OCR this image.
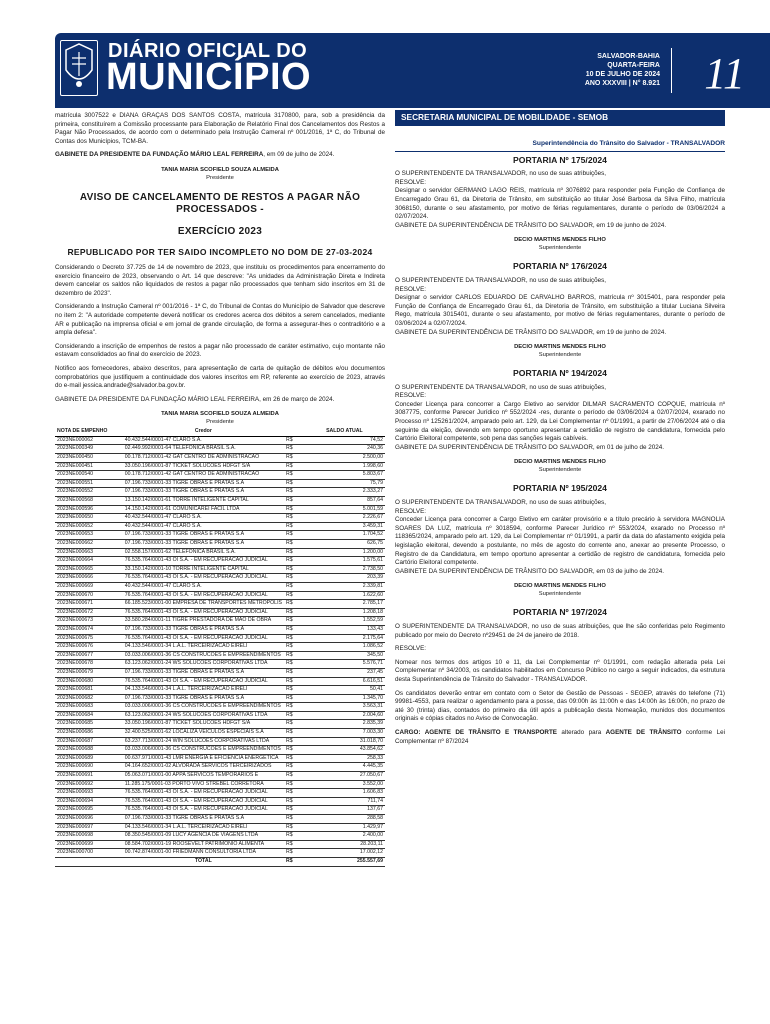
DIÁRIO OFICIAL DO
MUNICÍPIO	SALVADOR-BAHIA
QUARTA-FEIRA
10 DE JULHO DE 2024
ANO XXXVIII | N° 8.921 11
matrícula 3007522 e DIANA GRAÇAS DOS SANTOS COSTA, matrícula 3170800, para, sob a presidência da primeira, constituírem a Comissão processante para Elaboração de Relatório Final dos Cancelamentos dos Restos a Pagar Não Processados, de acordo com o determinado pela Instrução Cameral nº 001/2016, 1ª C, do Tribunal de Contas dos Municípios, TCM-BA.
GABINETE DA PRESIDENTE DA FUNDAÇÃO MÁRIO LEAL FERREIRA, em 09 de julho de 2024.
TANIA MARIA SCOFIELD SOUZA ALMEIDA
Presidente
AVISO DE CANCELAMENTO DE RESTOS A PAGAR NÃO PROCESSADOS -
EXERCÍCIO 2023
REPUBLICADO POR TER SAIDO INCOMPLETO NO DOM DE 27-03-2024
Considerando o Decreto 37.725 de 14 de novembro de 2023, que instituiu os procedimentos para encerramento do exercício financeiro de 2023, observando o Art. 14 que descreve: "As unidades da Administração Direta e Indireta devem cancelar os saldos não liquidados de restos a pagar não processados que tenham sido inscritos em 31 de dezembro de 2023".
Considerando a Instrução Cameral nº 001/2016 - 1ª C, do Tribunal de Contas do Município de Salvador que descreve no item 2: "A autoridade competente deverá notificar os credores acerca dos débitos a serem cancelados, mediante AR e publicação na imprensa oficial e em jornal de grande circulação, de forma a assegurar-lhes o contraditório e a ampla defesa".
Considerando a inscrição de empenhos de restos a pagar não processado de caráter estimativo, cujo montante não estavam consolidados ao final do exercício de 2023.
Notifico aos fornecedores, abaixo descritos, para apresentação de carta de quitação de débitos e/ou documentos comprobatórios que justifiquem a continuidade dos valores inscritos em RP, referente ao exercício de 2023, através do e-mail jessica.andrade@salvador.ba.gov.br.
GABINETE DA PRESIDENTE DA FUNDAÇÃO MÁRIO LEAL FERREIRA, em 26 de março de 2024.
TANIA MARIA SCOFIELD SOUZA ALMEIDA
Presidente
NOTA DE EMPENHO	Credor		SALDO ATUAL
2023NE000062	40.432.544/0001-47 CLARO S.A.	R$	74,52
2023NE000349	02.449.992/0001-64 TELEFONICA BRASIL S.A.	R$	240,36
2023NE000450	00.178.712/0001-42 GAT CENTRO DE ADMINISTRACAO	R$	2.500,00
2023NE000451	33.050.196/0001-87 TICKET SOLUCOES HDFGT S/A	R$	1.998,60
2023NE000540	00.178.712/0001-42 GAT CENTRO DE ADMINISTRACAO	R$	5.803,67
2023NE000551	07.196.733/0001-33 TIGRE OBRAS E PRATAS S.A	R$	75,79
2023NE000552	07.196.733/0001-33 TIGRE OBRAS E PRATAS S.A	R$	2.333,27
2023NE000568	13.150.142/0001-61 TORRE INTELIGENTE CAPITAL	R$	857,64
2023NE000596	14.150.142/0001-61 COMUNICAREI FACIL LTDA	R$	5.001,59
2023NE000650	40.432.544/0001-47 CLARO S.A.	R$	2.226,67
2023NE000652	40.432.544/0001-47 CLARO S.A.	R$	3.459,31
2023NE000653	07.196.733/0001-33 TIGRE OBRAS E PRATAS S.A	R$	1.704,52
2023NE000662	07.196.733/0001-33 TIGRE OBRAS E PRATAS S.A	R$	626,75
2023NE000663	02.558.157/0001-62 TELEFONICA BRASIL S.A.	R$	1.200,00
2023NE000664	76.535.764/0001-43 OI S.A. - EM RECUPERACAO JUDICIAL	R$	1.575,61
2023NE000665	33.150.142/0001-10 TORRE INTELIGENTE CAPITAL	R$	2.738,50
2023NE000666	76.535.764/0001-43 OI S.A. - EM RECUPERACAO JUDICIAL	R$	203,39
2023NE000669	40.432.544/0001-47 CLARO S.A.	R$	2.339,81
2023NE000670	76.535.764/0001-43 OI S.A. - EM RECUPERACAO JUDICIAL	R$	1.622,60
2023NE000671	66.185.523/0001-00 EMPRESA DE TRANSPORTES METROPOLIS	R$	2.785,17
2023NE000672	76.535.764/0001-43 OI S.A. - EM RECUPERACAO JUDICIAL	R$	1.208,18
2023NE000673	33.580.284/0001-11 TIGRE PRESTADORA DE MAO DE OBRA	R$	1.552,59
2023NE000674	07.196.733/0001-33 TIGRE OBRAS E PRATAS S.A	R$	133,43
2023NE000675	76.535.764/0001-43 OI S.A. - EM RECUPERACAO JUDICIAL	R$	2.175,64
2023NE000676	04.133.546/0001-34 L.A.L. TERCEIRIZACAO EIRELI	R$	1.086,52
2023NE000677	03.033.006/0001-36 CS CONSTRUCOES E EMPREENDIMENTOS	R$	345,50
2023NE000678	63.123.062/0001-24 WS SOLUCOES CORPORATIVAS LTDA	R$	5.576,71
2023NE000679	07.196.733/0001-33 TIGRE OBRAS E PRATAS S.A	R$	237,45
2023NE000680	76.535.764/0001-43 OI S.A. - EM RECUPERACAO JUDICIAL	R$	6.616,51
2023NE000681	04.133.546/0001-34 L.A.L. TERCEIRIZACAO EIRELI	R$	50,41
2023NE000682	07.196.733/0001-33 TIGRE OBRAS E PRATAS S.A	R$	1.345,70
2023NE000683	03.033.006/0001-36 CS CONSTRUCOES E EMPREENDIMENTOS	R$	3.563,31
2023NE000684	63.123.062/0001-24 WS SOLUCOES CORPORATIVAS LTDA	R$	2.004,60
2023NE000685	33.050.196/0001-87 TICKET SOLUCOES HDFGT S/A	R$	2.835,39
2023NE000686	32.400.525/0001-62 LOCALIZA VEICULOS ESPECIAIS S.A	R$	7.003,30
2023NE000687	63.237.713/0001-24 WIN SOLUCOES CORPORATIVAS LTDA	R$	31.018,70
2023NE000688	03.033.006/0001-36 CS CONSTRUCOES E EMPREENDIMENTOS	R$	43.854,62
2023NE000689	00.637.971/0001-43 LMR ENERGIA E EFICIENCIA ENERGETICA	R$	258,33
2023NE000690	04.164.652/0001-02 ALVORADA SERVICOS TERCEIRIZADOS	R$	4.445,35
2023NE000691	05.063.071/0001-00 APPA SERVICOS TEMPORARIOS E	R$	27.050,67
2023NE000692	11.285.175/0001-03 PORTO VIVO STREBEL CORRETORA	R$	3.552,00
2023NE000693	76.535.764/0001-43 OI S.A. - EM RECUPERACAO JUDICIAL	R$	1.606,83
2023NE000694	76.535.764/0001-43 OI S.A. - EM RECUPERACAO JUDICIAL	R$	711,74
2023NE000695	76.535.764/0001-43 OI S.A. - EM RECUPERACAO JUDICIAL	R$	137,67
2023NE000696	07.196.733/0001-33 TIGRE OBRAS E PRATAS S.A	R$	288,58
2023NE000697	04.133.546/0001-34 L.A.L. TERCEIRIZACAO EIRELI	R$	1.429,97
2023NE000698	08.350.545/0001-09 LUCY AGENCIA DE VIAGENS LTDA	R$	2.400,00
2023NE000699	08.584.702/0001-19 ROOSEVELT PATRIMONIO ALIMENTA	R$	28.203,11
2023NE000700	00.742.874/0001-00 FRIEDMANN CONSULTORIA LTDA	R$	17.002,12
	TOTAL	R$	255.557,69
SECRETARIA MUNICIPAL DE MOBILIDADE - SEMOB
Superintendência do Trânsito do Salvador - TRANSALVADOR
PORTARIA Nº 175/2024
O SUPERINTENDENTE DA TRANSALVADOR, no uso de suas atribuições,
RESOLVE:
Designar o servidor GERMANO LAGO REIS, matrícula nº 3076892 para responder pela Função de Confiança de Encarregado Grau 61, da Diretoria de Trânsito, em substituição ao titular José Barbosa da Silva Filho, matrícula 3068150, durante o seu afastamento, por motivo de férias regulamentares, durante o período de 03/06/2024 a 02/07/2024.
GABINETE DA SUPERINTENDÊNCIA DE TRÂNSITO DO SALVADOR, em 19 de junho de 2024.
DECIO MARTINS MENDES FILHO
Superintendente
PORTARIA Nº 176/2024
O SUPERINTENDENTE DA TRANSALVADOR, no uso de suas atribuições,
RESOLVE:
Designar o servidor CARLOS EDUARDO DE CARVALHO BARROS, matrícula nº 3015401, para responder pela Função de Confiança de Encarregado Grau 61, da Diretoria de Trânsito, em substituição a titular Luciana Silveira Rego, matrícula 3015401, durante o seu afastamento, por motivo de férias regulamentares, durante o período de 03/06/2024 a 02/07/2024.
GABINETE DA SUPERINTENDÊNCIA DE TRÂNSITO DO SALVADOR, em 19 de junho de 2024.
DECIO MARTINS MENDES FILHO
Superintendente
PORTARIA Nº 194/2024
O SUPERINTENDENTE DA TRANSALVADOR, no uso de suas atribuições,
RESOLVE:
Conceder Licença para concorrer a Cargo Eletivo ao servidor DILMAR SACRAMENTO COPQUE, matrícula nº 3087775, conforme Parecer Jurídico nº 552/2024 -res, durante o período de 03/06/2024 a 02/07/2024, exarado no Processo nº 125261/2024, amparado pelo art. 129, da Lei Complementar nº 01/1991, a partir de 27/06/2024 até o dia seguinte da eleição, devendo em tempo oportuno apresentar a certidão de registro de candidatura, fornecida pelo Cartório Eleitoral competente, sob pena das sanções legais cabíveis.
GABINETE DA SUPERINTENDÊNCIA DE TRÂNSITO DO SALVADOR, em 01 de julho de 2024.
DECIO MARTINS MENDES FILHO
Superintendente
PORTARIA Nº 195/2024
O SUPERINTENDENTE DA TRANSALVADOR, no uso de suas atribuições,
RESOLVE:
Conceder Licença para concorrer a Cargo Eletivo em caráter provisório e a título precário à servidora MAGNOLIA SOARES DA LUZ, matrícula nº 3018594, conforme Parecer Jurídico nº 553/2024, exarado no Processo nº 118365/2024, amparado pelo art. 129, da Lei Complementar nº 01/1991, a partir da data do afastamento exigida pela legislação eleitoral, devendo a postulante, no mês de agosto do corrente ano, anexar ao presente Processo, o Registro de da Candidatura, em tempo oportuno apresentar a certidão de registro de candidatura, fornecida pelo Cartório Eleitoral competente.
GABINETE DA SUPERINTENDÊNCIA DE TRÂNSITO DO SALVADOR, em 03 de julho de 2024.
DECIO MARTINS MENDES FILHO
Superintendente
PORTARIA Nº 197/2024
O SUPERINTENDENTE DA TRANSALVADOR, no uso de suas atribuições, que lhe são conferidas pelo Regimento publicado por meio do Decreto nº29451 de 24 de janeiro de 2018.
RESOLVE:
Nomear nos termos dos artigos 10 e 11, da Lei Complementar nº 01/1991, com redação alterada pela Lei Complementar nº 34/2003, os candidatos habilitados em Concurso Público no cargo a seguir indicados, da estrutura desta Superintendência de Trânsito do Salvador - TRANSALVADOR.
Os candidatos deverão entrar em contato com o Setor de Gestão de Pessoas - SEGEP, através do telefone (71) 99981-4553, para realizar o agendamento para a posse, das 09:00h às 11:00h e das 14:00h às 16:00h, no prazo de até 30 (trinta) dias, contados do primeiro dia útil após a publicação desta Nomeação, munidos dos documentos originais e cópias citados no Aviso de Convocação.
CARGO: AGENTE DE TRÂNSITO E TRANSPORTE alterado para AGENTE DE TRÂNSITO conforme Lei Complementar nº 87/2024
